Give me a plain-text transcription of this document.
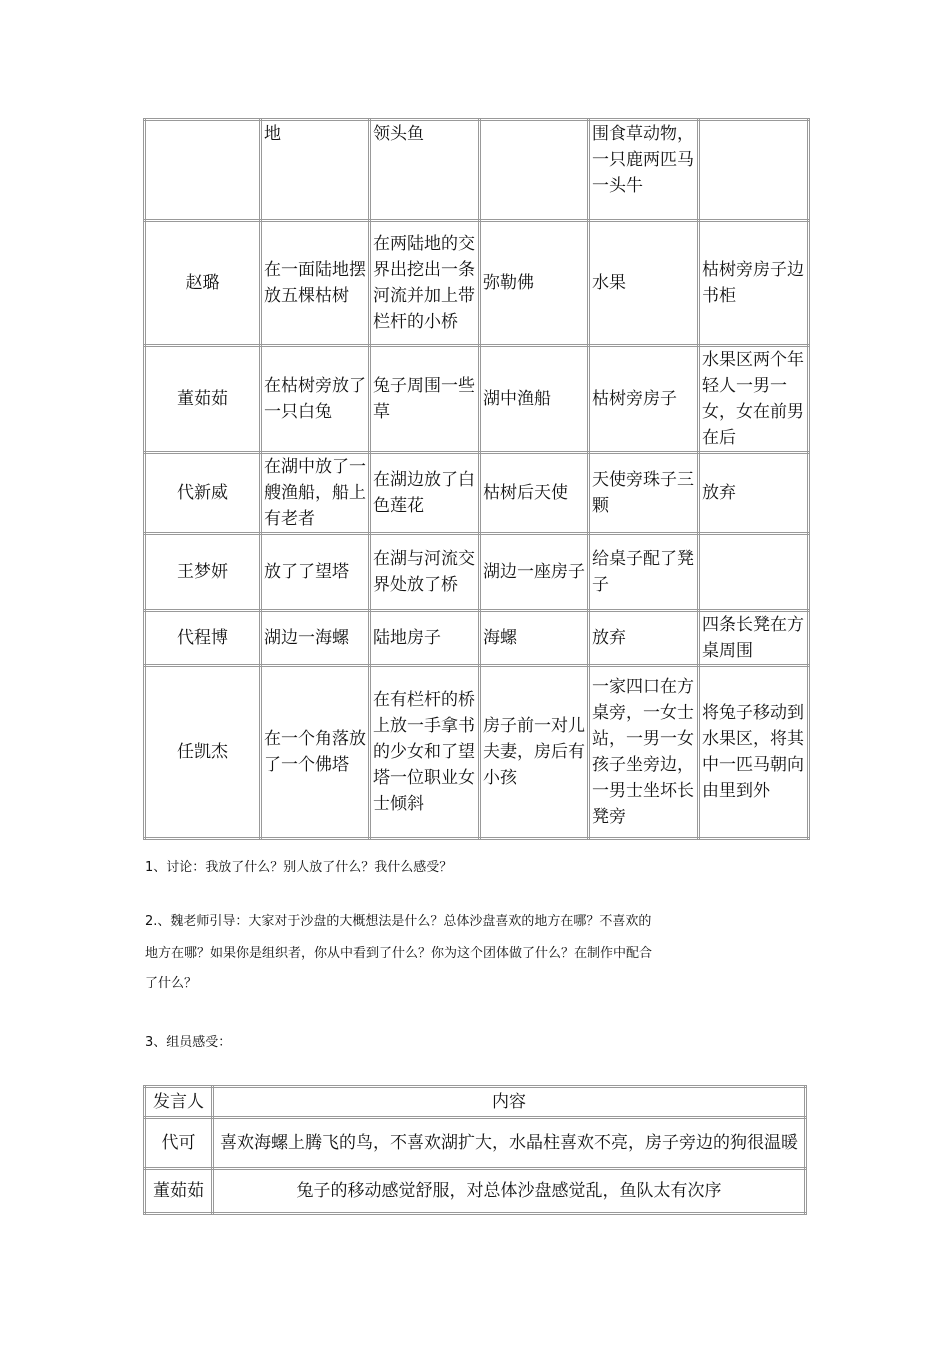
	地	领头鱼		围食草动物，一只鹿两匹马一头牛	
赵璐	在一面陆地摆放五棵枯树	在两陆地的交界出挖出一条河流并加上带栏杆的小桥	弥勒佛	水果	枯树旁房子边书柜
董茹茹	在枯树旁放了一只白兔	兔子周围一些草	湖中渔船	枯树旁房子	水果区两个年轻人一男一女，女在前男在后
代新威	在湖中放了一艘渔船，船上有老者	在湖边放了白色莲花	枯树后天使	天使旁珠子三颗	放弃
王梦妍	放了了望塔	在湖与河流交界处放了桥	湖边一座房子	给桌子配了凳子	
代程博	湖边一海螺	陆地房子	海螺	放弃	四条长凳在方桌周围
任凯杰	在一个角落放了一个佛塔	在有栏杆的桥上放一手拿书的少女和了望塔一位职业女士倾斜	房子前一对儿夫妻，房后有小孩	一家四口在方桌旁，一女士站，一男一女孩子坐旁边，一男士坐坏长凳旁	将兔子移动到水果区，将其中一匹马朝向由里到外

1、讨论：我放了什么？别人放了什么？我什么感受？

2.、魏老师引导：大家对于沙盘的大概想法是什么？总体沙盘喜欢的地方在哪？不喜欢的

地方在哪？如果你是组织者，你从中看到了什么？你为这个团体做了什么？在制作中配合

了什么？

3、组员感受：

发言人	内容
代可	喜欢海螺上腾飞的鸟，不喜欢湖扩大，水晶柱喜欢不亮，房子旁边的狗很温暖
董茹茹	兔子的移动感觉舒服，对总体沙盘感觉乱，鱼队太有次序
